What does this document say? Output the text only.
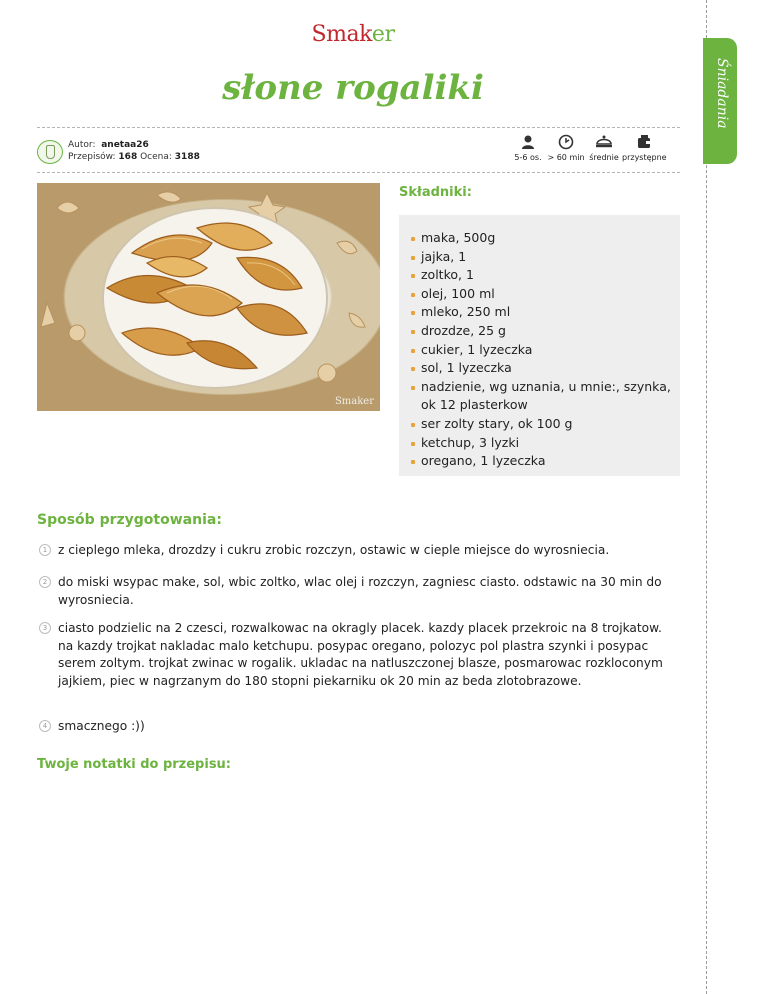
Śniadania
Smaker
słone rogaliki
Autor: anetaa26
Przepisów: 168 Ocena: 3188	5-6 os. > 60 min średnie przystępne
Smaker
Składniki:
maka, 500g
jajka, 1
zoltko, 1
olej, 100 ml
mleko, 250 ml
drozdze, 25 g
cukier, 1 lyzeczka
sol, 1 lyzeczka
nadzienie, wg uznania, u mnie:, szynka, ok 12 plasterkow
ser zolty stary, ok 100 g
ketchup, 3 lyzki
oregano, 1 lyzeczka
Sposób przygotowania:
1 z cieplego mleka, drozdzy i cukru zrobic rozczyn, ostawic w cieple miejsce do wyrosniecia.

2 do miski wsypac make, sol, wbic zoltko, wlac olej i rozczyn, zagniesc ciasto. odstawic na 30 min do wyrosniecia.

3 ciasto podzielic na 2 czesci, rozwalkowac na okragly placek. kazdy placek przekroic na 8 trojkatow. na kazdy trojkat nakladac malo ketchupu. posypac oregano, polozyc pol plastra szynki i posypac serem zoltym. trojkat zwinac w rogalik. ukladac na natluszczonej blasze, posmarowac rozkloconym jajkiem, piec w nagrzanym do 180 stopni piekarniku ok 20 min az beda zlotobrazowe.

4 smacznego :))

Twoje notatki do przepisu:
